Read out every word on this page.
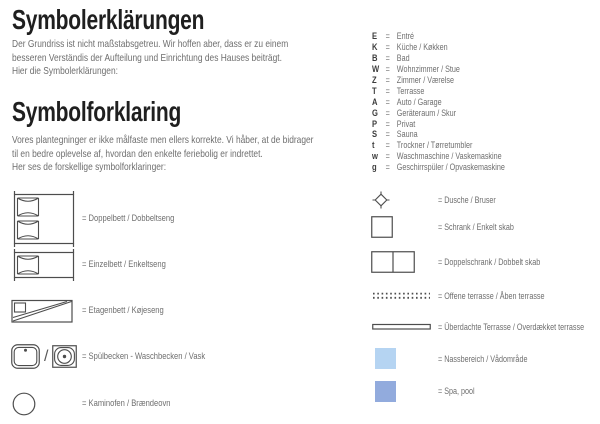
Symbolerklärungen
Der Grundriss ist nicht maßstabsgetreu. Wir hoffen aber, dass er zu einem
besseren Verständis der Aufteilung und Einrichtung des Hauses beiträgt.
Hier die Symbolerklärungen:
Symbolforklaring
Vores plantegninger er ikke målfaste men ellers korrekte. Vi håber, at de bidrager
til en bedre oplevelse af, hvordan den enkelte feriebolig er indrettet.
Her ses de forskellige symbolforklaringer:
= Doppelbett / Dobbeltseng
= Einzelbett / Enkeltseng
= Etagenbett / Køjeseng
/	= Spülbecken - Waschbecken / Vask
= Kaminofen / Brændeovn
E = Entré
K = Küche / Køkken
B = Bad
W = Wohnzimmer / Stue
Z = Zimmer / Værelse
T = Terrasse
A = Auto / Garage
G = Geräteraum / Skur
P = Privat
S = Sauna
t	= Trockner / Tørretumbler
w = Waschmaschine / Vaskemaskine
g = Geschirrspüler / Opvaskemaskine
= Dusche / Bruser
= Schrank / Enkelt skab
= Doppelschrank / Dobbelt skab
= Offene terrasse / Åben terrasse
= Überdachte Terrasse / Overdækket terrasse
= Nassbereich / Vådområde
= Spa, pool
